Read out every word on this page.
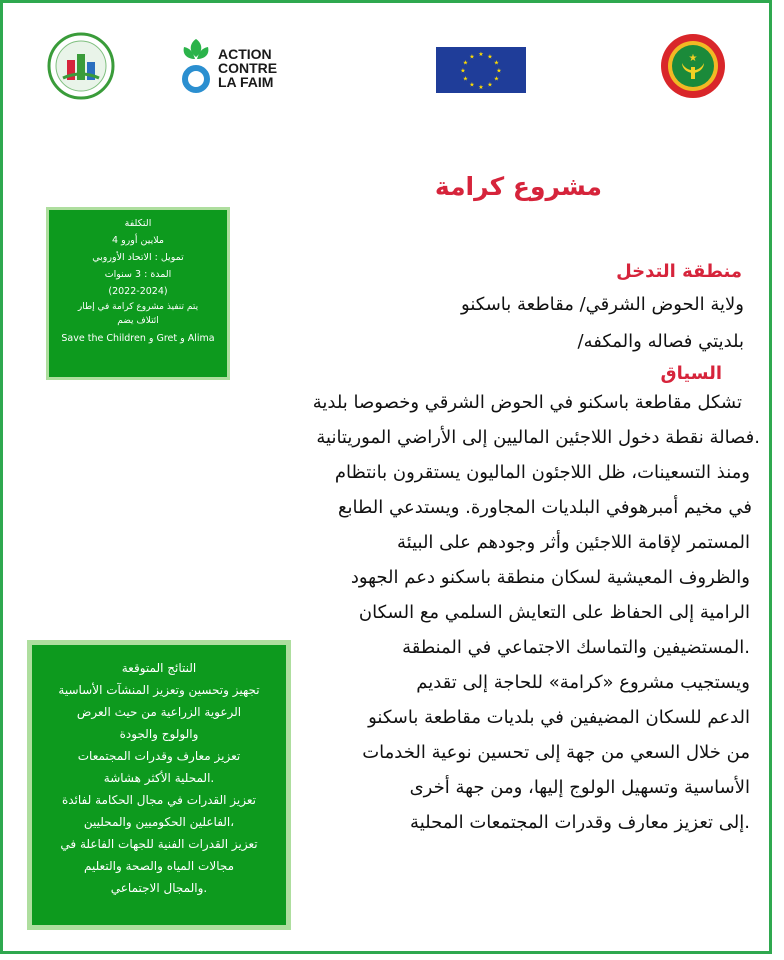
ACTION
CONTRE
LA FAIM
★ ★
★
★
★
★
★
★
★
★
★
★	★
مشروع كرامة
التكلفة
ملايين أورو 4
تمويل : الاتحاد الأوروبي
المدة : 3 سنوات
(2022-2024)
يتم تنفيذ مشروع كرامة في إطار
ائتلاف يضم
Save the Children و Gret و Alima
النتائج المتوقعة
تجهيز وتحسين وتعزيز المنشآت الأساسية
الرعوية الزراعية من حيث العرض
والولوج والجودة
تعزيز معارف وقدرات المجتمعات
.المحلية الأكثر هشاشة
تعزيز القدرات في مجال الحكامة لفائدة
،الفاعلين الحكوميين والمحليين
تعزيز القدرات الفنية للجهات الفاعلة في
مجالات المياه والصحة والتعليم
.والمجال الاجتماعي
منطقة التدخل
ولاية الحوض الشرقي/ مقاطعة باسكنو
بلديتي فصاله والمكفه/
السياق
تشكل مقاطعة باسكنو في الحوض الشرقي وخصوصا بلدية
.فصالة نقطة دخول اللاجئين الماليين إلى الأراضي الموريتانية
ومنذ التسعينات، ظل اللاجئون الماليون يستقرون بانتظام
في مخيم أمبرهوفي البلديات المجاورة. ويستدعي الطابع
المستمر لإقامة اللاجئين وأثر وجودهم على البيئة
والظروف المعيشية لسكان منطقة باسكنو دعم الجهود
الرامية إلى الحفاظ على التعايش السلمي مع السكان
.المستضيفين والتماسك الاجتماعي في المنطقة
ويستجيب مشروع «كرامة» للحاجة إلى تقديم
الدعم للسكان المضيفين في بلديات مقاطعة باسكنو
من خلال السعي من جهة إلى تحسين نوعية الخدمات
الأساسية وتسهيل الولوج إليها، ومن جهة أخرى
.إلى تعزيز معارف وقدرات المجتمعات المحلية
